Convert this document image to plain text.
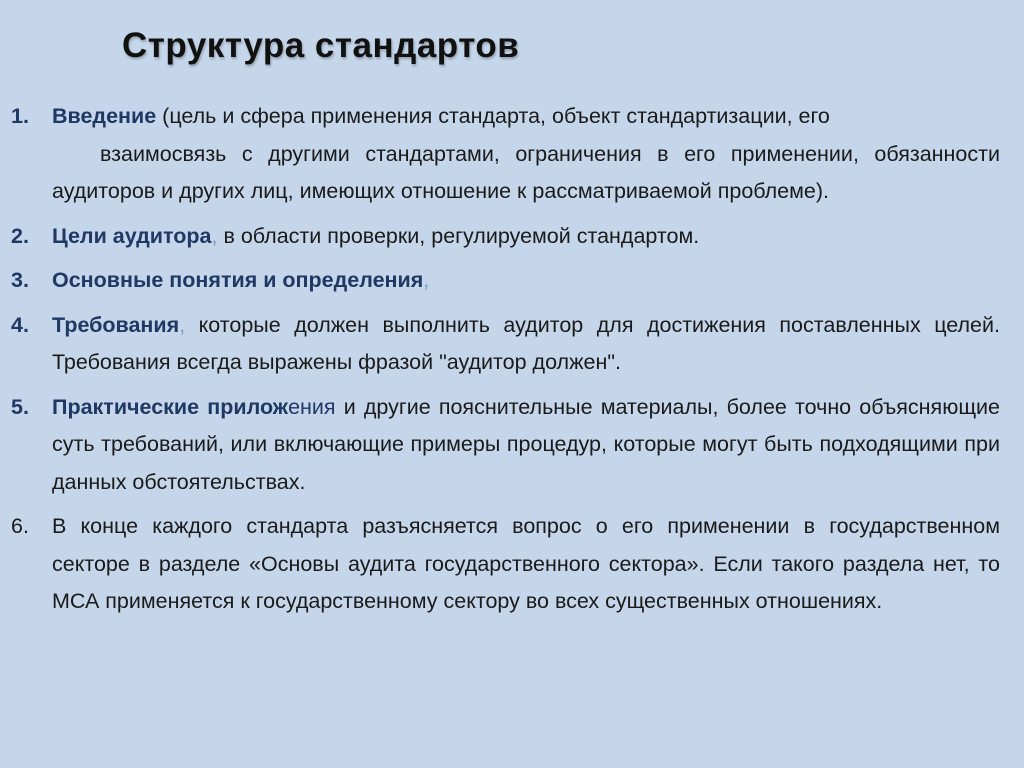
Структура стандартов
1. Введение (цель и сфера применения стандарта, объект стандартизации, его
взаимосвязь с другими стандартами, ограничения в его применении, обязанности аудиторов и других лиц, имеющих отношение к рассматриваемой проблеме).
2. Цели аудитора, в области проверки, регулируемой стандартом.
3. Основные понятия и определения,
4. Требования, которые должен выполнить аудитор для достижения поставленных целей. Требования всегда выражены фразой "аудитор должен".
5. Практические приложения и другие пояснительные материалы, более точно объясняющие суть требований, или включающие примеры процедур, которые могут быть подходящими при данных обстоятельствах.
6. В конце каждого стандарта разъясняется вопрос о его применении в государственном секторе в разделе «Основы аудита государственного сектора». Если такого раздела нет, то МСА применяется к государственному сектору во всех существенных отношениях.
